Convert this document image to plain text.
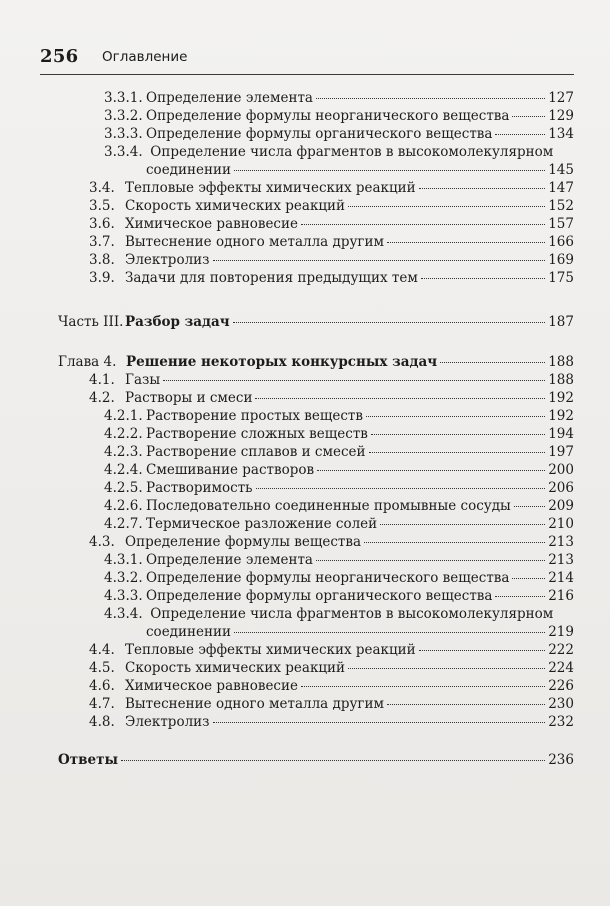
256 Оглавление
3.3.1. Определение элемента	127
3.3.2. Определение формулы неорганического вещества	129
3.3.3. Определение формулы органического вещества	134
3.3.4. Определение числа фрагментов в высокомолекулярном
соединении	145
3.4. Тепловые эффекты химических реакций	147
3.5. Скорость химических реакций	152
3.6. Химическое равновесие	157
3.7. Вытеснение одного металла другим	166
3.8. Электролиз	169
3.9. Задачи для повторения предыдущих тем	175
Часть III. Разбор задач	187
Глава 4. Решение некоторых конкурсных задач	188
4.1. Газы	188
4.2. Растворы и смеси	192
4.2.1. Растворение простых веществ	192
4.2.2. Растворение сложных веществ	194
4.2.3. Растворение сплавов и смесей	197
4.2.4. Смешивание растворов	200
4.2.5. Растворимость	206
4.2.6. Последовательно соединенные промывные сосуды	209
4.2.7. Термическое разложение солей	210
4.3. Определение формулы вещества	213
4.3.1. Определение элемента	213
4.3.2. Определение формулы неорганического вещества	214
4.3.3. Определение формулы органического вещества	216
4.3.4. Определение числа фрагментов в высокомолекулярном
соединении	219
4.4. Тепловые эффекты химических реакций	222
4.5. Скорость химических реакций	224
4.6. Химическое равновесие	226
4.7. Вытеснение одного металла другим	230
4.8. Электролиз	232
Ответы	236
